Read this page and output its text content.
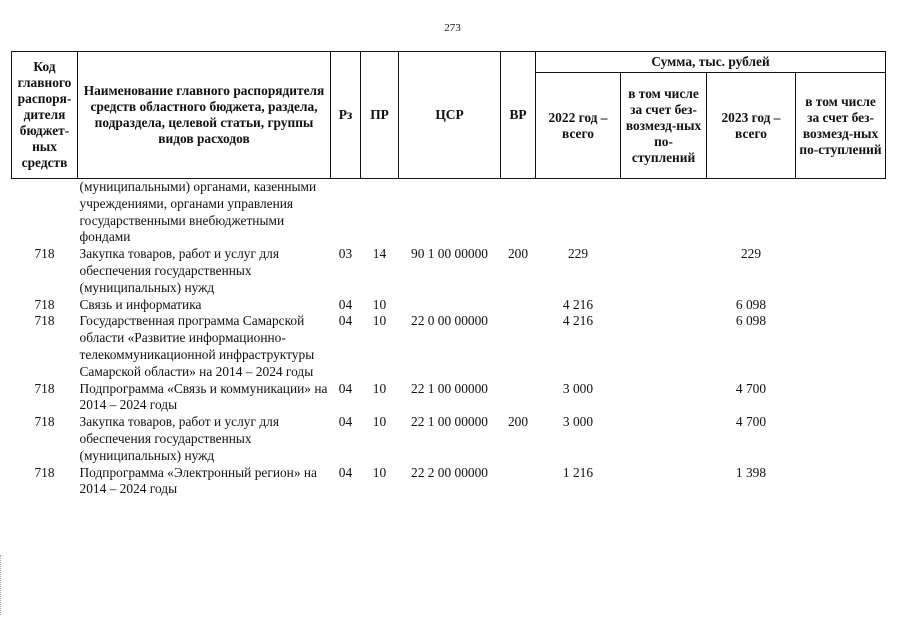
273
Код главного распоря-дителя бюджет-ных средств	Наименование главного распорядителя средств областного бюджета, раздела, подраздела, целевой статьи, группы видов расходов	Рз	ПР	ЦСР	ВР	Сумма, тыс. рублей			
						2022 год – всего	в том числе за счет без-возмезд-ных по-ступлений	2023 год – всего	в том числе за счет без-возмезд-ных по-ступлений
	(муниципальными) органами, казенными учреждениями, органами управления государственными внебюджетными фондами								
718	Закупка товаров, работ и услуг для обеспечения государственных (муниципальных) нужд	03	14	90 1 00 00000	200	229		229	
718	Связь и информатика	04	10			4 216		6 098	
718	Государственная программа Самарской области «Развитие информационно-телекоммуникационной инфраструктуры Самарской области» на 2014 – 2024 годы	04	10	22 0 00 00000		4 216		6 098	
718	Подпрограмма «Связь и коммуникации» на 2014 – 2024 годы	04	10	22 1 00 00000		3 000		4 700	
718	Закупка товаров, работ и услуг для обеспечения государственных (муниципальных) нужд	04	10	22 1 00 00000	200	3 000		4 700	
718	Подпрограмма «Электронный регион» на 2014 – 2024 годы	04	10	22 2 00 00000		1 216		1 398	
